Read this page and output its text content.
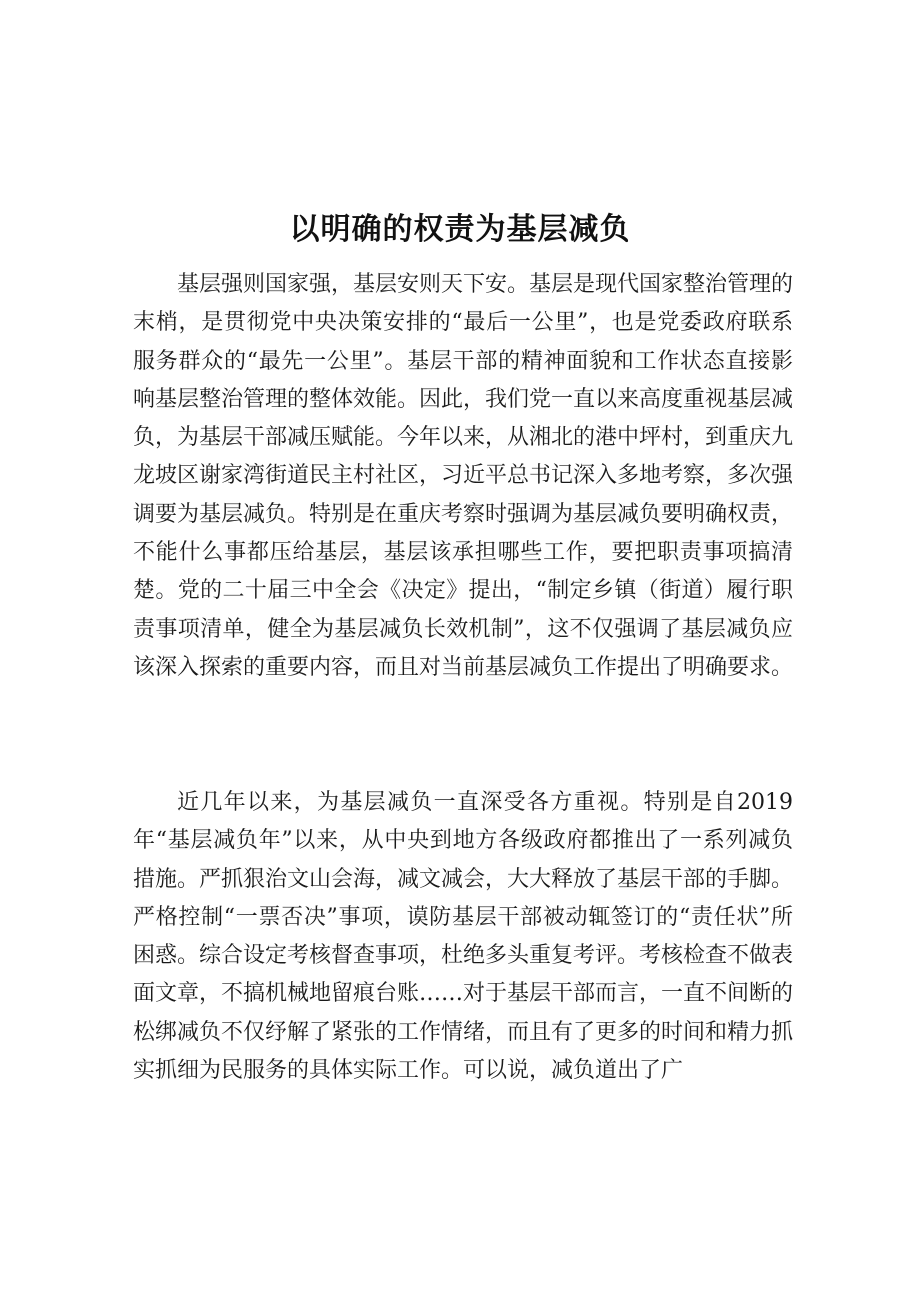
以明确的权责为基层减负

基层强则国家强，基层安则天下安。基层是现代国家整治管理的末梢，是贯彻党中央决策安排的“最后一公里”，也是党委政府联系服务群众的“最先一公里”。基层干部的精神面貌和工作状态直接影响基层整治管理的整体效能。因此，我们党一直以来高度重视基层减负，为基层干部减压赋能。今年以来，从湘北的港中坪村，到重庆九龙坡区谢家湾街道民主村社区，习近平总书记深入多地考察，多次强调要为基层减负。特别是在重庆考察时强调为基层减负要明确权责，不能什么事都压给基层，基层该承担哪些工作，要把职责事项搞清楚。党的二十届三中全会《决定》提出，“制定乡镇（街道）履行职责事项清单，健全为基层减负长效机制”，这不仅强调了基层减负应该深入探索的重要内容，而且对当前基层减负工作提出了明确要求。

近几年以来，为基层减负一直深受各方重视。特别是自2019年“基层减负年”以来，从中央到地方各级政府都推出了一系列减负措施。严抓狠治文山会海，减文减会，大大释放了基层干部的手脚。严格控制“一票否决”事项，谟防基层干部被动辄签订的“责任状”所困惑。综合设定考核督查事项，杜绝多头重复考评。考核检查不做表面文章，不搞机械地留痕台账……对于基层干部而言，一直不间断的松绑减负不仅纾解了紧张的工作情绪，而且有了更多的时间和精力抓实抓细为民服务的具体实际工作。可以说，减负道出了广
